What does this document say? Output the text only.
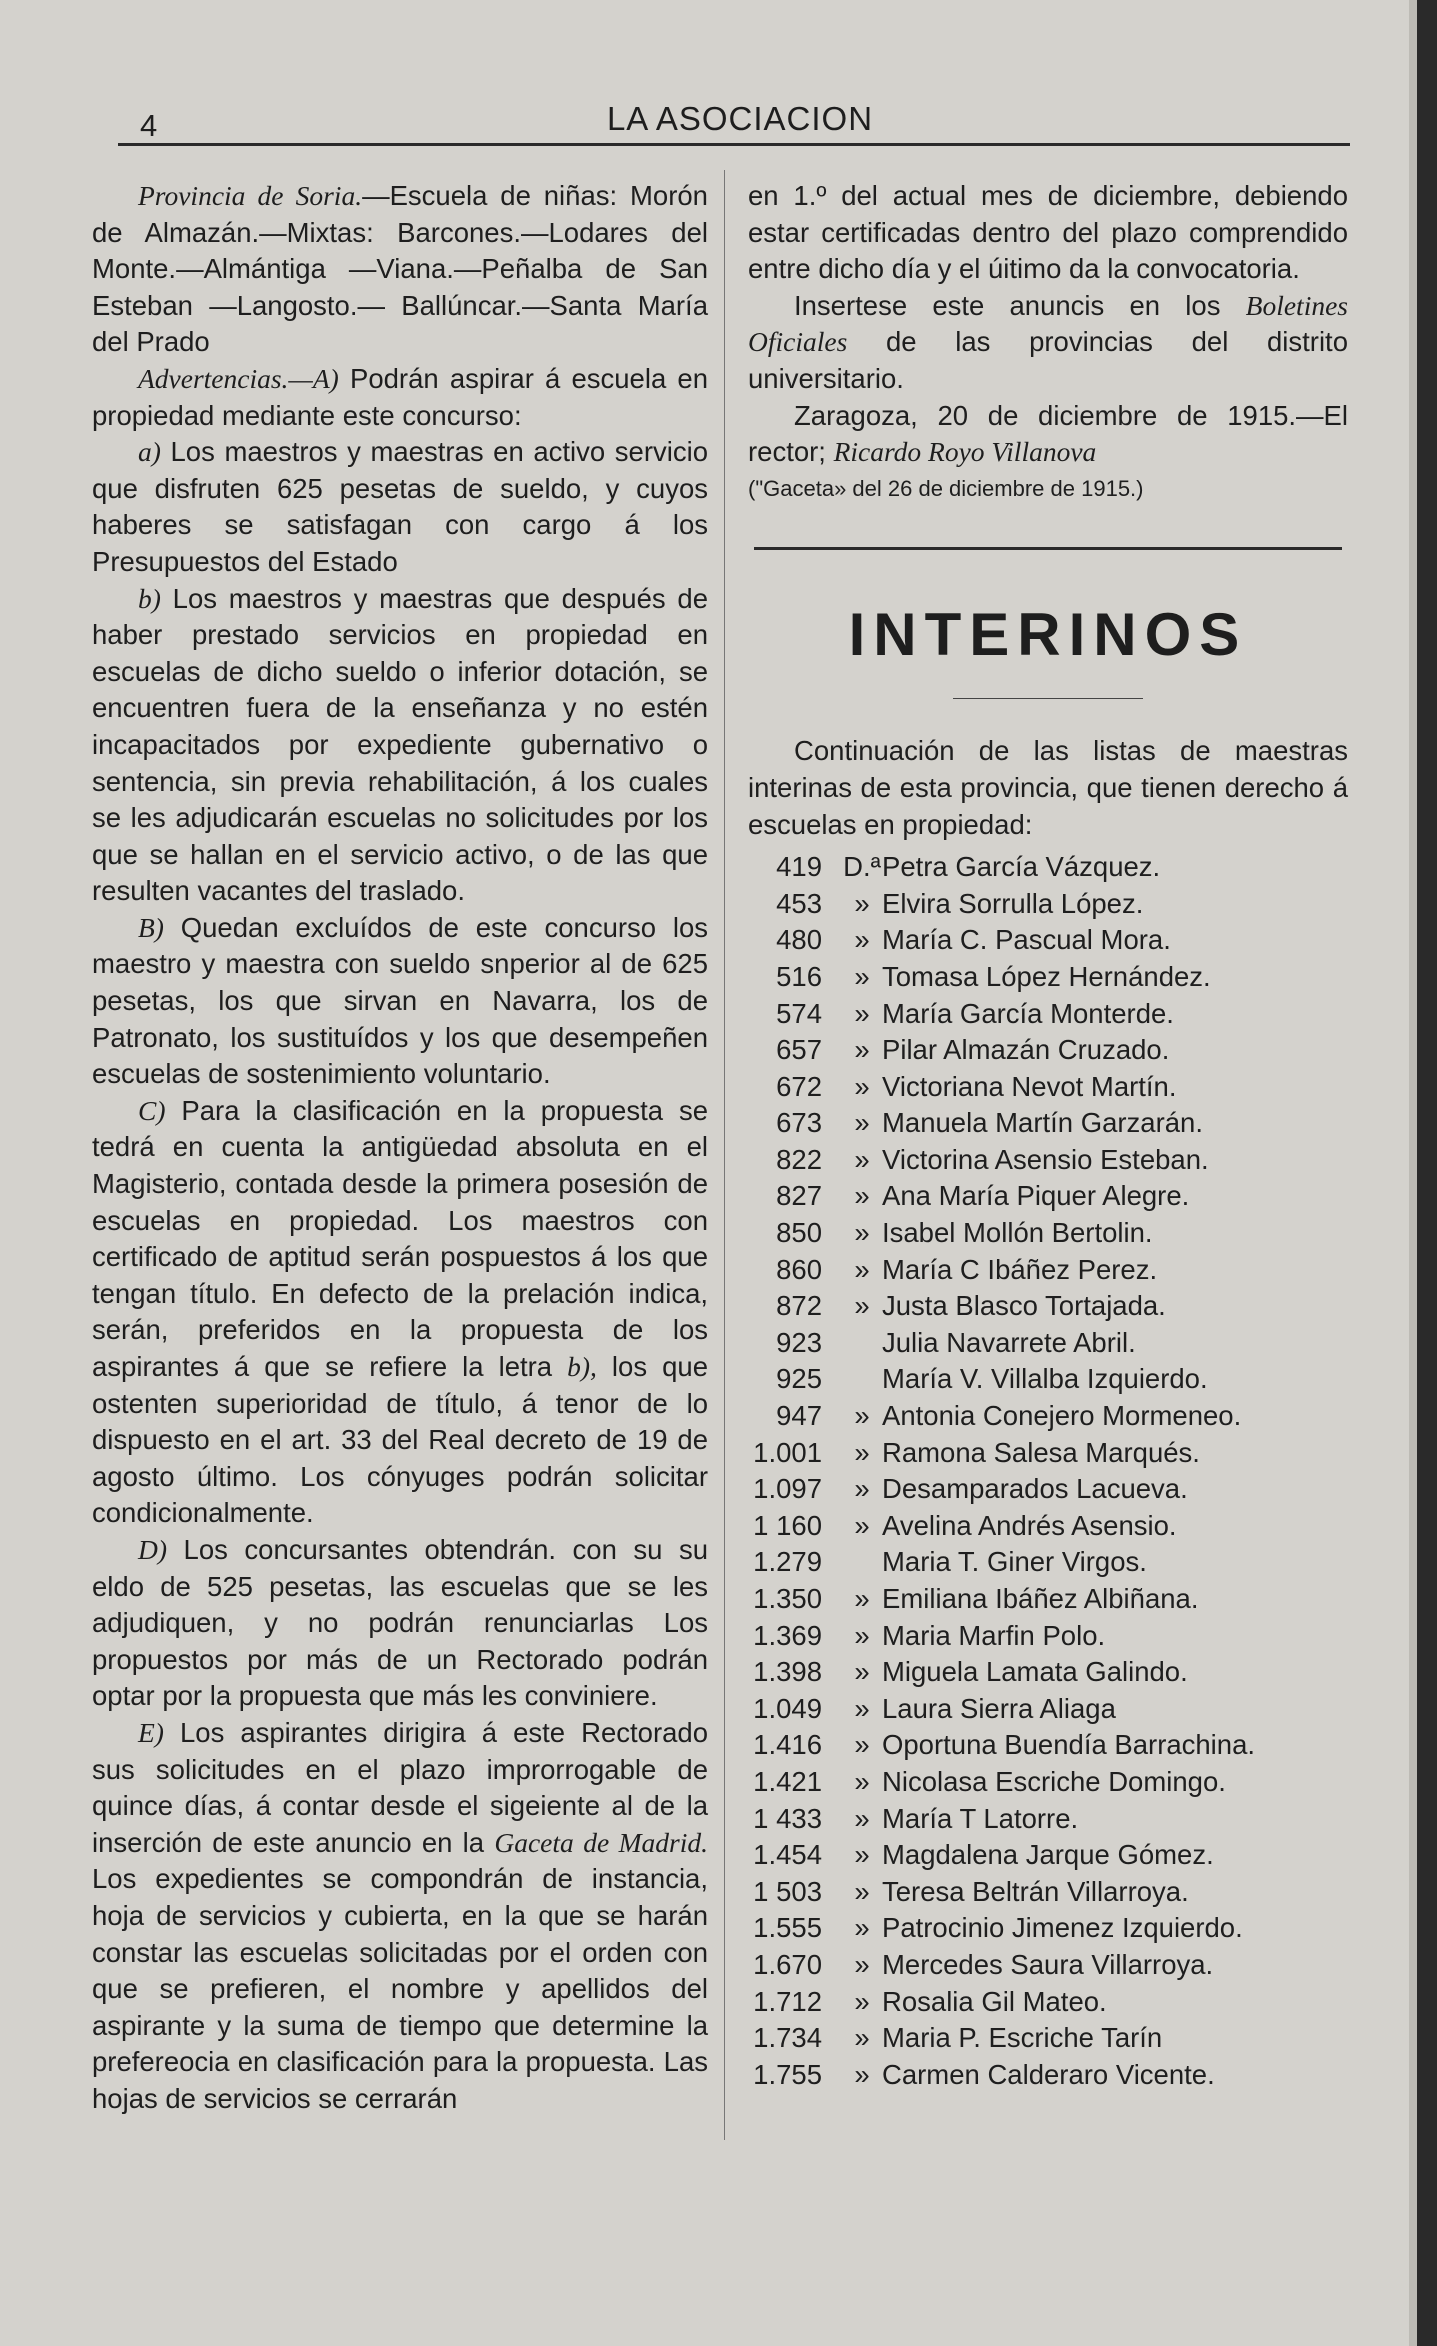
4	LA ASOCIACION

Provincia de Soria.—Escuela de niñas: Morón de Almazán.—Mixtas: Barcones.—Lodares del Monte.—Almántiga —Viana.—Peñalba de San Esteban —Langosto.— Ballúncar.—Santa María del Prado

Advertencias.—A) Podrán aspirar á escuela en propiedad mediante este concurso:

a) Los maestros y maestras en activo servicio que disfruten 625 pesetas de sueldo, y cuyos haberes se satisfagan con cargo á los Presupuestos del Estado

b) Los maestros y maestras que después de haber prestado servicios en propiedad en escuelas de dicho sueldo o inferior dotación, se encuentren fuera de la enseñanza y no estén incapacitados por expediente gubernativo o sentencia, sin previa rehabilitación, á los cuales se les adjudicarán escuelas no solicitudes por los que se hallan en el servicio activo, o de las que resulten vacantes del traslado.

B) Quedan excluídos de este concurso los maestro y maestra con sueldo snperior al de 625 pesetas, los que sirvan en Navarra, los de Patronato, los sustituídos y los que desempeñen escuelas de sostenimiento voluntario.

C) Para la clasificación en la propuesta se tedrá en cuenta la antigüedad absoluta en el Magisterio, contada desde la primera posesión de escuelas en propiedad. Los maestros con certificado de aptitud serán pospuestos á los que tengan título. En defecto de la prelación indica, serán, preferidos en la propuesta de los aspirantes á que se refiere la letra b), los que ostenten superioridad de título, á tenor de lo dispuesto en el art. 33 del Real decreto de 19 de agosto último. Los cónyuges podrán solicitar condicionalmente.

D) Los concursantes obtendrán. con su su eldo de 525 pesetas, las escuelas que se les adjudiquen, y no podrán renunciarlas Los propuestos por más de un Rectorado podrán optar por la propuesta que más les conviniere.

E) Los aspirantes dirigira á este Rectorado sus solicitudes en el plazo improrrogable de quince días, á contar desde el sigeiente al de la inserción de este anuncio en la Gaceta de Madrid. Los expedientes se compondrán de instancia, hoja de servicios y cubierta, en la que se harán constar las escuelas solicitadas por el orden con que se prefieren, el nombre y apellidos del aspirante y la suma de tiempo que determine la prefereocia en clasificación para la propuesta. Las hojas de servicios se cerrarán

en 1.º del actual mes de diciembre, debiendo estar certificadas dentro del plazo comprendido entre dicho día y el úitimo da la convocatoria.

Insertese este anuncis en los Boletines Oficiales de las provincias del distrito universitario.

Zaragoza, 20 de diciembre de 1915.—El rector; Ricardo Royo Villanova

("Gaceta» del 26 de diciembre de 1915.)

INTERINOS

Continuación de las listas de maestras interinas de esta provincia, que tienen derecho á escuelas en propiedad:

419 D.ª Petra García Vázquez.
453	» Elvira Sorrulla López.
480	» María C. Pascual Mora.
516	» Tomasa López Hernández.
574	» María García Monterde.
657	» Pilar Almazán Cruzado.
672	» Victoriana Nevot Martín.
673	» Manuela Martín Garzarán.
822	» Victorina Asensio Esteban.
827	» Ana María Piquer Alegre.
850	» Isabel Mollón Bertolin.
860	» María C Ibáñez Perez.
872	» Justa Blasco Tortajada.
923	Julia Navarrete Abril.
925	María V. Villalba Izquierdo.
947	» Antonia Conejero Mormeneo.
1.001	» Ramona Salesa Marqués.
1.097	» Desamparados Lacueva.
1 160	» Avelina Andrés Asensio.
1.279	Maria T. Giner Virgos.
1.350	» Emiliana Ibáñez Albiñana.
1.369	» Maria Marfin Polo.
1.398	» Miguela Lamata Galindo.
1.049	» Laura Sierra Aliaga
1.416	» Oportuna Buendía Barrachina.
1.421	» Nicolasa Escriche Domingo.
1 433	» María T Latorre.
1.454	» Magdalena Jarque Gómez.
1 503	» Teresa Beltrán Villarroya.
1.555	» Patrocinio Jimenez Izquierdo.
1.670	» Mercedes Saura Villarroya.
1.712	» Rosalia Gil Mateo.
1.734	» Maria P. Escriche Tarín
1.755	» Carmen Calderaro Vicente.
